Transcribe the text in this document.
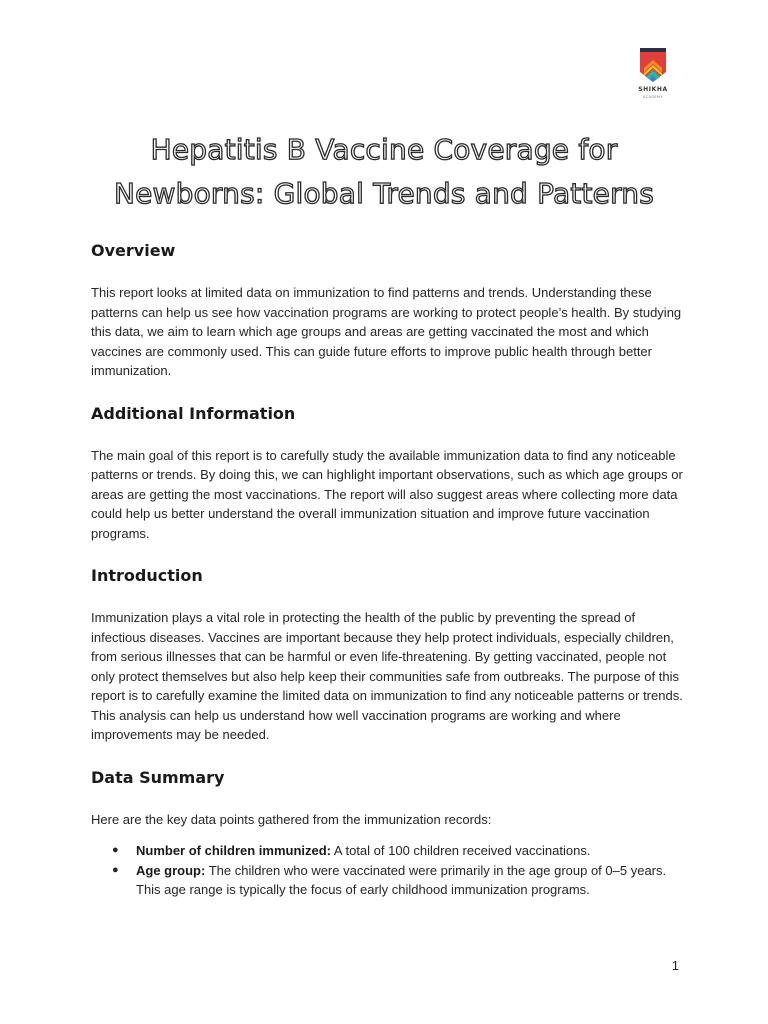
SHIKHA
ACADEMY
Hepatitis B Vaccine Coverage for
Newborns: Global Trends and Patterns
Overview

This report looks at limited data on immunization to find patterns and trends. Understanding these patterns can help us see how vaccination programs are working to protect people’s health. By studying this data, we aim to learn which age groups and areas are getting vaccinated the most and which vaccines are commonly used. This can guide future efforts to improve public health through better immunization.

Additional Information

The main goal of this report is to carefully study the available immunization data to find any noticeable patterns or trends. By doing this, we can highlight important observations, such as which age groups or areas are getting the most vaccinations. The report will also suggest areas where collecting more data could help us better understand the overall immunization situation and improve future vaccination programs.

Introduction

Immunization plays a vital role in protecting the health of the public by preventing the spread of infectious diseases. Vaccines are important because they help protect individuals, especially children, from serious illnesses that can be harmful or even life-threatening. By getting vaccinated, people not only protect themselves but also help keep their communities safe from outbreaks. The purpose of this report is to carefully examine the limited data on immunization to find any noticeable patterns or trends. This analysis can help us understand how well vaccination programs are working and where improvements may be needed.

Data Summary

Here are the key data points gathered from the immunization records:

● Number of children immunized: A total of 100 children received vaccinations.
● Age group: The children who were vaccinated were primarily in the age group of 0–5 years. This age range is typically the focus of early childhood immunization programs.
1
